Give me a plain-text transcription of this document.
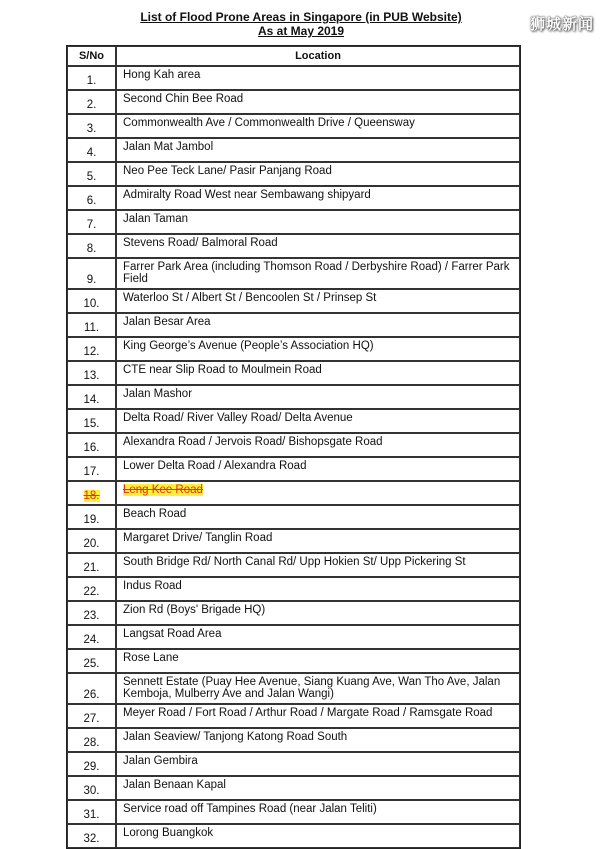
List of Flood Prone Areas in Singapore (in PUB Website)
As at May 2019	狮城新闻
S/No	Location
1.	Hong Kah area
2.	Second Chin Bee Road
3.	Commonwealth Ave / Commonwealth Drive / Queensway
4.	Jalan Mat Jambol
5.	Neo Pee Teck Lane/ Pasir Panjang Road
6.	Admiralty Road West near Sembawang shipyard
7.	Jalan Taman
8.	Stevens Road/ Balmoral Road
9.	Farrer Park Area (including Thomson Road / Derbyshire Road) / Farrer Park Field
10.	Waterloo St / Albert St / Bencoolen St / Prinsep St
11.	Jalan Besar Area
12.	King George’s Avenue (People’s Association HQ)
13.	CTE near Slip Road to Moulmein Road
14.	Jalan Mashor
15.	Delta Road/ River Valley Road/ Delta Avenue
16.	Alexandra Road / Jervois Road/ Bishopsgate Road
17.	Lower Delta Road / Alexandra Road
18.	Leng Kee Road
19.	Beach Road
20.	Margaret Drive/ Tanglin Road
21.	South Bridge Rd/ North Canal Rd/ Upp Hokien St/ Upp Pickering St
22.	Indus Road
23.	Zion Rd (Boys' Brigade HQ)
24.	Langsat Road Area
25.	Rose Lane
26.	Sennett Estate (Puay Hee Avenue, Siang Kuang Ave, Wan Tho Ave, Jalan Kemboja, Mulberry Ave and Jalan Wangi)
27.	Meyer Road / Fort Road / Arthur Road / Margate Road / Ramsgate Road
28.	Jalan Seaview/ Tanjong Katong Road South
29.	Jalan Gembira
30.	Jalan Benaan Kapal
31.	Service road off Tampines Road (near Jalan Teliti)
32.	Lorong Buangkok
